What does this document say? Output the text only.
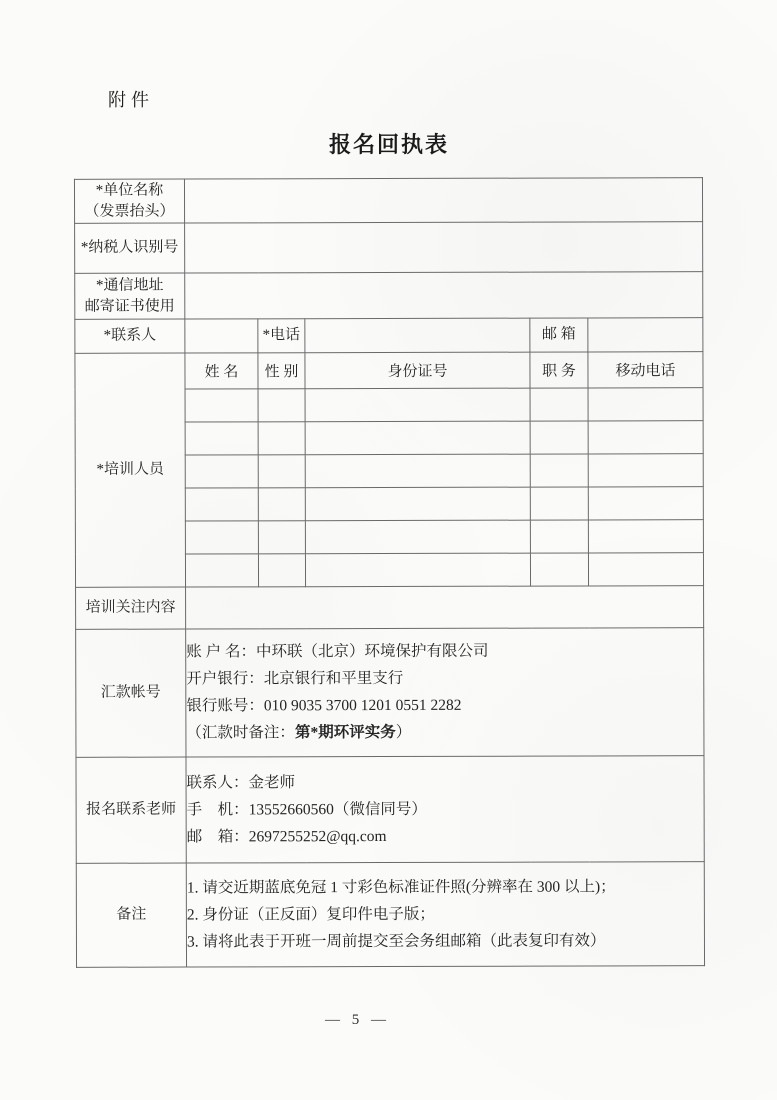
附件
报名回执表
*单位名称
（发票抬头）					

*纳税人识别号					

*通信地址
邮寄证书使用					

*联系人		*电话		邮 箱	
*培训人员	姓 名	性 别	身份证号	职 务	移动电话

培训关注内容					
汇款帐号	账 户 名：中环联（北京）环境保护有限公司
开户银行：北京银行和平里支行
银行账号：010 9035 3700 1201 0551 2282
（汇款时备注：第*期环评实务）				

报名联系老师	联系人：金老师
手　机：13552660560（微信同号）
邮　箱：2697255252@qq.com				

备注	1. 请交近期蓝底免冠 1 寸彩色标准证件照(分辨率在 300 以上)；
2. 身份证（正反面）复印件电子版；
3. 请将此表于开班一周前提交至会务组邮箱（此表复印有效）				
— 5 —
